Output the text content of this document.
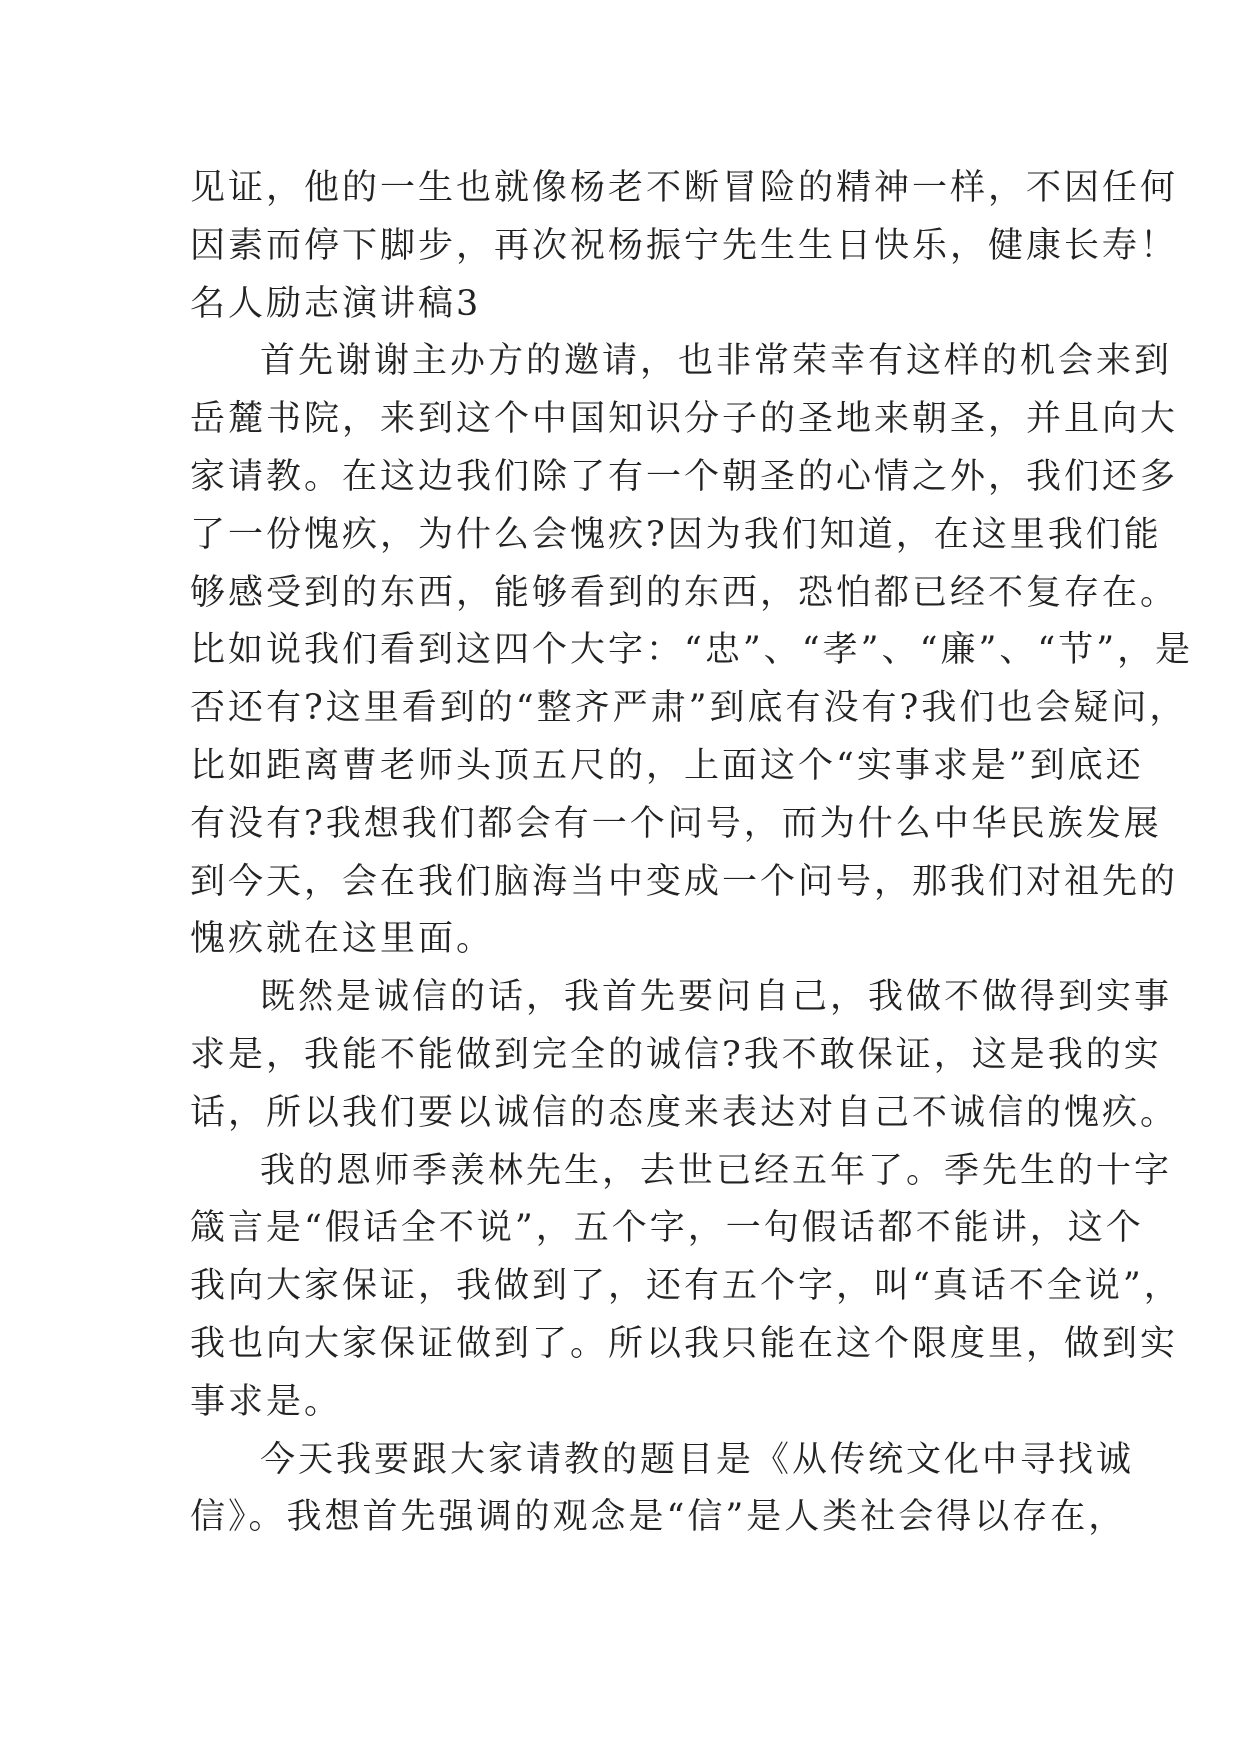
见证，他的一生也就像杨老不断冒险的精神一样，不因任何
因素而停下脚步，再次祝杨振宁先生生日快乐，健康长寿！
名人励志演讲稿3
首先谢谢主办方的邀请，也非常荣幸有这样的机会来到
岳麓书院，来到这个中国知识分子的圣地来朝圣，并且向大
家请教。在这边我们除了有一个朝圣的心情之外，我们还多
了一份愧疚，为什么会愧疚?因为我们知道，在这里我们能
够感受到的东西，能够看到的东西，恐怕都已经不复存在。
比如说我们看到这四个大字：“忠”、“孝”、“廉”、“节”，是
否还有?这里看到的“整齐严肃”到底有没有?我们也会疑问，
比如距离曹老师头顶五尺的，上面这个“实事求是”到底还
有没有?我想我们都会有一个问号，而为什么中华民族发展
到今天，会在我们脑海当中变成一个问号，那我们对祖先的
愧疚就在这里面。
既然是诚信的话，我首先要问自己，我做不做得到实事
求是，我能不能做到完全的诚信?我不敢保证，这是我的实
话，所以我们要以诚信的态度来表达对自己不诚信的愧疚。
我的恩师季羡林先生，去世已经五年了。季先生的十字
箴言是“假话全不说”，五个字，一句假话都不能讲，这个
我向大家保证，我做到了，还有五个字，叫“真话不全说”，
我也向大家保证做到了。所以我只能在这个限度里，做到实
事求是。
今天我要跟大家请教的题目是《从传统文化中寻找诚
信》。我想首先强调的观念是“信”是人类社会得以存在，
